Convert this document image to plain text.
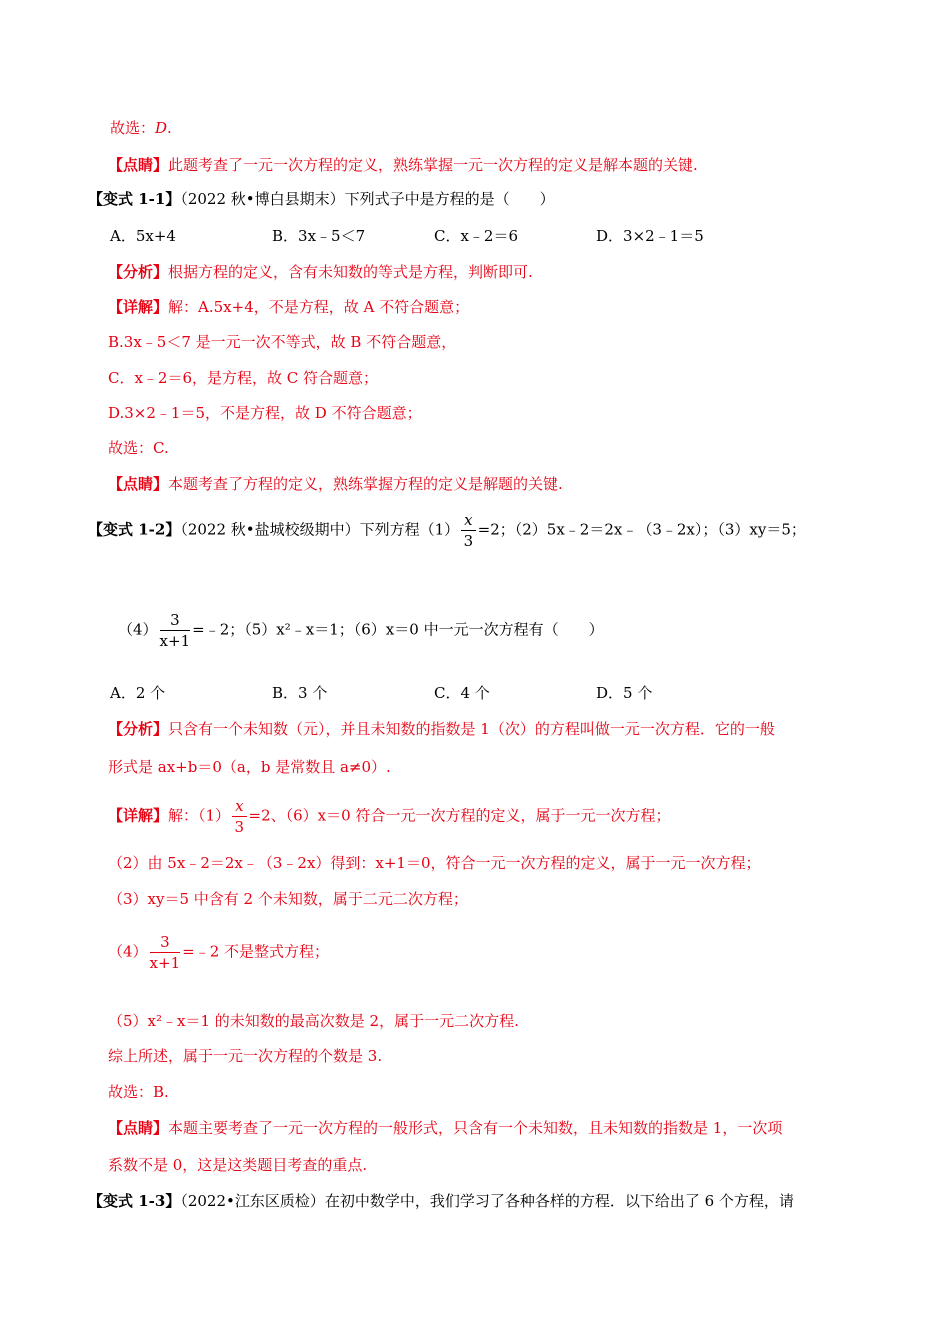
故选：D.
【点睛】此题考查了一元一次方程的定义，熟练掌握一元一次方程的定义是解本题的关键.
【变式 1-1】（2022 秋•博白县期末）下列式子中是方程的是（　　）
A．5x+4	B．3x﹣5＜7	C．x﹣2＝6	D．3×2﹣1＝5
【分析】根据方程的定义，含有未知数的等式是方程，判断即可.
【详解】解：A.5x+4，不是方程，故 A 不符合题意；
B.3x﹣5＜7 是一元一次不等式，故 B 不符合题意，
C．x﹣2＝6，是方程，故 C 符合题意；
D.3×2﹣1＝5，不是方程，故 D 不符合题意；
故选：C.
【点睛】本题考查了方程的定义，熟练掌握方程的定义是解题的关键.
【变式 1-2】（2022 秋•盐城校级期中）下列方程$(1) \frac{x}{3} =2$；（2）5x﹣2＝2x﹣（3﹣2x）；（3）xy＝5；
$(4) \frac{3}{x+1}$ =﹣2；（5）x²﹣x＝1；（6）x＝0 中一元一次方程有（　　）
A．2 个	B．3 个	C．4 个	D．5 个
【分析】只含有一个未知数（元），并且未知数的指数是 1（次）的方程叫做一元一次方程．它的一般
形式是 ax+b＝0（a，b 是常数且 a≠0）.
【详解】解：$(1) \frac{x}{3} =2$、（6）x＝0 符合一元一次方程的定义，属于一元一次方程；
（2）由 5x﹣2＝2x﹣（3﹣2x）得到：x+1＝0，符合一元一次方程的定义，属于一元一次方程；
（3）xy＝5 中含有 2 个未知数，属于二元二次方程；
$(4) \frac{3}{x+1}$ =﹣2 不是整式方程；
（5）x²﹣x＝1 的未知数的最高次数是 2，属于一元二次方程.
综上所述，属于一元一次方程的个数是 3.
故选：B.
【点睛】本题主要考查了一元一次方程的一般形式，只含有一个未知数，且未知数的指数是 1，一次项
系数不是 0，这是这类题目考查的重点.
【变式 1-3】（2022•江东区质检）在初中数学中，我们学习了各种各样的方程．以下给出了 6 个方程，请
